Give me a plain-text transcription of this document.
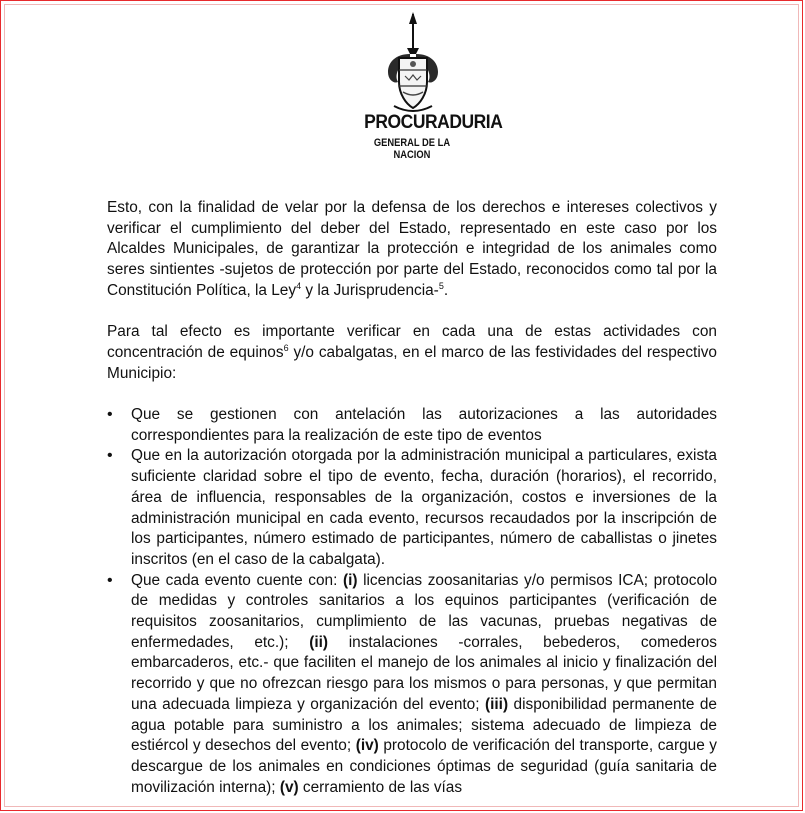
PROCURADURIA
GENERAL DE LA NACION

Esto, con la finalidad de velar por la defensa de los derechos e intereses colectivos y verificar el cumplimiento del deber del Estado, representado en este caso por los Alcaldes Municipales, de garantizar la protección e integridad de los animales como seres sintientes -sujetos de protección por parte del Estado, reconocidos como tal por la Constitución Política, la Ley$^4$ y la Jurisprudencia-$^5$.

Para tal efecto es importante verificar en cada una de estas actividades con concentración de equinos$^6$ y/o cabalgatas, en el marco de las festividades del respectivo Municipio:

• Que se gestionen con antelación las autorizaciones a las autoridades correspondientes para la realización de este tipo de eventos
• Que en la autorización otorgada por la administración municipal a particulares, exista suficiente claridad sobre el tipo de evento, fecha, duración (horarios), el recorrido, área de influencia, responsables de la organización, costos e inversiones de la administración municipal en cada evento, recursos recaudados por la inscripción de los participantes, número estimado de participantes, número de caballistas o jinetes inscritos (en el caso de la cabalgata).
• Que cada evento cuente con: (i) licencias zoosanitarias y/o permisos ICA; protocolo de medidas y controles sanitarios a los equinos participantes (verificación de requisitos zoosanitarios, cumplimiento de las vacunas, pruebas negativas de enfermedades, etc.); (ii) instalaciones -corrales, bebederos, comederos embarcaderos, etc.- que faciliten el manejo de los animales al inicio y finalización del recorrido y que no ofrezcan riesgo para los mismos o para personas, y que permitan una adecuada limpieza y organización del evento; (iii) disponibilidad permanente de agua potable para suministro a los animales; sistema adecuado de limpieza de estiércol y desechos del evento; (iv) protocolo de verificación del transporte, cargue y descargue de los animales en condiciones óptimas de seguridad (guía sanitaria de movilización interna); (v) cerramiento de las vías
